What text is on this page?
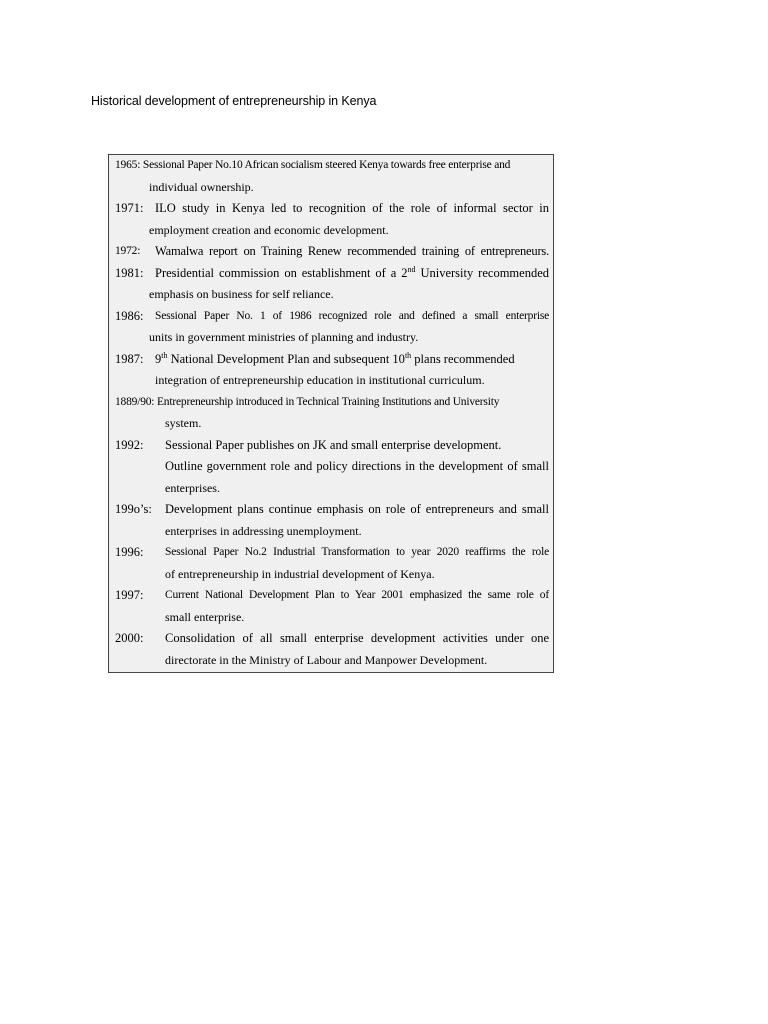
Historical development of entrepreneurship in Kenya
1965: Sessional Paper No.10 African socialism steered Kenya towards free enterprise and
individual ownership.
1971: ILO study in Kenya led to recognition of the role of informal sector in
employment creation and economic development.
1972: Wamalwa report on Training Renew recommended training of entrepreneurs.
1981: Presidential commission on establishment of a 2nd University recommended
emphasis on business for self reliance.
1986: Sessional Paper No. 1 of 1986 recognized role and defined a small enterprise
units in government ministries of planning and industry.
1987: 9th National Development Plan and subsequent 10th plans recommended
integration of entrepreneurship education in institutional curriculum.
1889/90: Entrepreneurship introduced in Technical Training Institutions and University
system.
1992: Sessional Paper publishes on JK and small enterprise development.
Outline government role and policy directions in the development of small
enterprises.
199o’s: Development plans continue emphasis on role of entrepreneurs and small
enterprises in addressing unemployment.
1996: Sessional Paper No.2 Industrial Transformation to year 2020 reaffirms the role
of entrepreneurship in industrial development of Kenya.
1997: Current National Development Plan to Year 2001 emphasized the same role of
small enterprise.
2000: Consolidation of all small enterprise development activities under one
directorate in the Ministry of Labour and Manpower Development.
